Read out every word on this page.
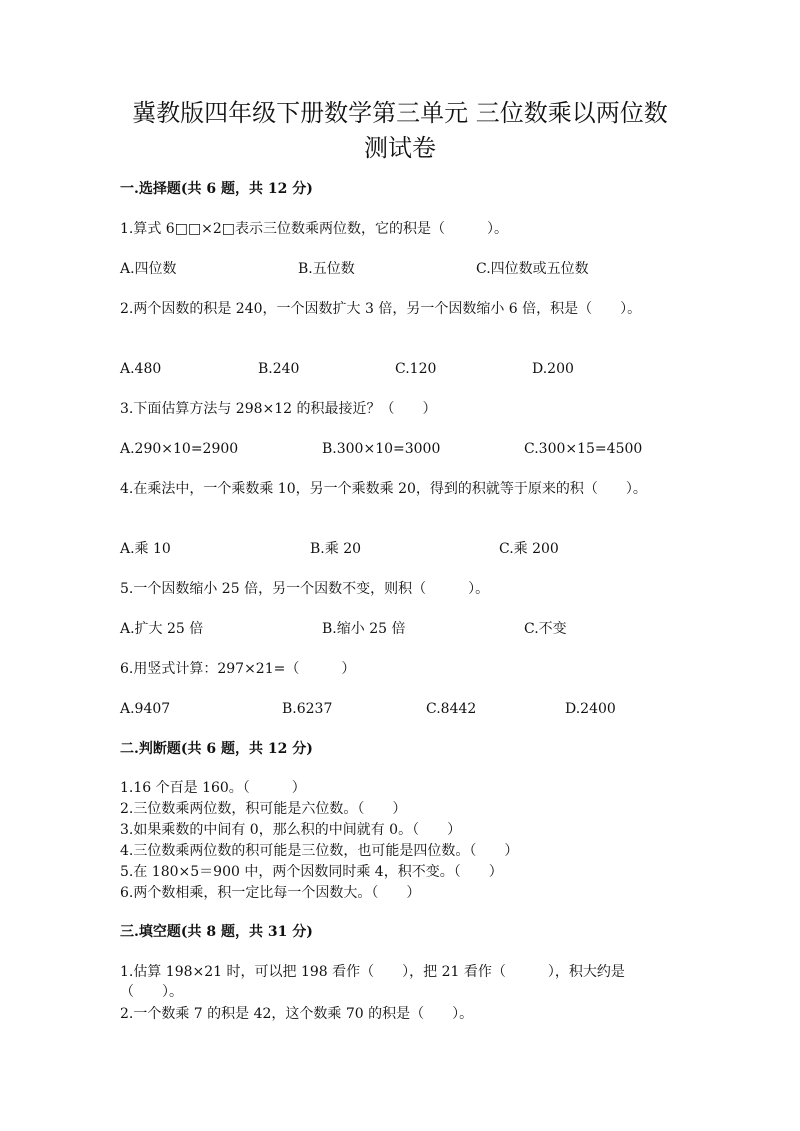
冀教版四年级下册数学第三单元 三位数乘以两位数
测试卷
一.选择题(共 6 题，共 12 分)
1.算式 6□□×2□表示三位数乘两位数，它的积是（　　　）。
A.四位数	B.五位数	C.四位数或五位数
2.两个因数的积是 240，一个因数扩大 3 倍，另一个因数缩小 6 倍，积是（　　）。
A.480	B.240	C.120	D.200
3.下面估算方法与 298×12 的积最接近？（　　）
A.290×10=2900	B.300×10=3000	C.300×15=4500
4.在乘法中，一个乘数乘 10，另一个乘数乘 20，得到的积就等于原来的积（　　）。
A.乘 10	B.乘 20	C.乘 200
5.一个因数缩小 25 倍，另一个因数不变，则积（　　　）。
A.扩大 25 倍	B.缩小 25 倍	C.不变
6.用竖式计算：297×21=（　　　）
A.9407	B.6237	C.8442	D.2400
二.判断题(共 6 题，共 12 分)
1.16 个百是 160。（　　　）
2.三位数乘两位数，积可能是六位数。（　　）
3.如果乘数的中间有 0，那么积的中间就有 0。（　　）
4.三位数乘两位数的积可能是三位数，也可能是四位数。（　　）
5.在 180×5＝900 中，两个因数同时乘 4，积不变。（　　）
6.两个数相乘，积一定比每一个因数大。（　　）
三.填空题(共 8 题，共 31 分)
1.估算 198×21 时，可以把 198 看作（　　），把 21 看作（　　　），积大约是（　　）。
2.一个数乘 7 的积是 42，这个数乘 70 的积是（　　）。
